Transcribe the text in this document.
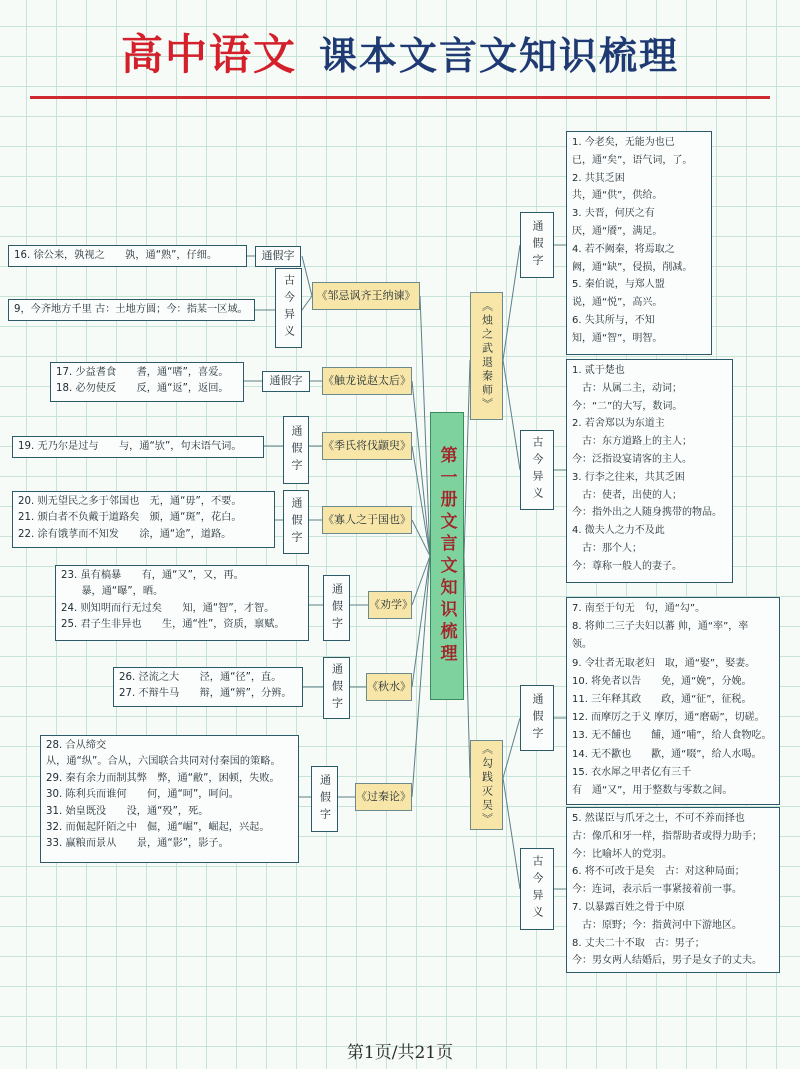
高中语文 课本文言文知识梳理
第一册文言文知识梳理
《邹忌讽齐王纳谏》
通假字
古今异义
16. 徐公来，孰视之　　孰，通“熟”，仔细。
9，今齐地方千里 古：土地方圆；今：指某一区域。
《触龙说赵太后》
通假字
17. 少益耆食　　耆，通“嗜”，喜爱。
18. 必勿使反　　反，通“返”，返回。
《季氏将伐颛臾》
通假字
19. 无乃尔是过与　　与，通“欤”，句末语气词。
《寡人之于国也》
通假字
20. 则无望民之多于邻国也　无，通“毋”，不要。
21. 颁白者不负戴于道路矣　颁，通“斑”，花白。
22. 涂有饿莩而不知发　　涂，通“途”，道路。
《劝学》
通假字
23. 虽有槁暴　　有，通“又”，又，再。
　　暴，通“曝”，晒。
24. 则知明而行无过矣　　知，通“智”，才智。
25. 君子生非异也　　生，通“性”，资质，禀赋。
《秋水》
通假字
26. 泾流之大　　泾，通“径”，直。
27. 不辩牛马　　辩，通“辨”，分辨。
《过秦论》
通假字
28. 合从缔交
从，通“纵”。合从，六国联合共同对付秦国的策略。
29. 秦有余力而制其弊　弊，通“敝”，困顿，失败。
30. 陈利兵而谁何　　何，通“呵”，呵问。
31. 始皇既没　　没，通“殁”，死。
32. 而倔起阡陌之中　倔，通“崛”，崛起，兴起。
33. 赢粮而景从　　景，通“影”，影子。
《烛之武退秦师》
通假字
古今异义
1. 今老矣，无能为也已
已，通“矣”，语气词，了。
2. 共其乏困
共，通“供”，供给。
3. 夫晋，何厌之有
厌，通“餍”，满足。
4. 若不阙秦，将焉取之
阙，通“缺”，侵损，削减。
5. 秦伯说，与郑人盟
说，通“悦”，高兴。
6. 失其所与，不知
知，通“智”，明智。
1. 贰于楚也
　古：从属二主，动词；
今：“二”的大写，数词。
2. 若舍郑以为东道主
　古：东方道路上的主人；
今：泛指设宴请客的主人。
3. 行李之往来，共其乏困
　古：使者，出使的人；
今：指外出之人随身携带的物品。
4. 微夫人之力不及此
　古：那个人；
今：尊称一般人的妻子。
《勾践灭吴》
通假字
古今异义
7. 南至于句无　句，通“勾”。
8. 将帅二三子夫妇以蕃 帅，通“率”，率
领。
9. 令壮者无取老妇　取，通“娶”，娶妻。
10. 将免者以告　　免，通“娩”，分娩。
11. 三年释其政　　政，通“征”，征税。
12. 而摩厉之于义 摩厉，通“磨砺”，切磋。
13. 无不餔也　　餔，通“哺”，给人食物吃。
14. 无不歠也　　歠，通“啜”，给人水喝。
15. 衣水犀之甲者亿有三千
有　通“又”，用于整数与零数之间。
5. 然谋臣与爪牙之士，不可不养而择也
古：像爪和牙一样，指帮助者或得力助手；
今：比喻坏人的党羽。
6. 将不可改于是矣　古：对这种局面；
今：连词，表示后一事紧接着前一事。
7. 以暴露百姓之骨于中原
　古：原野；今：指黄河中下游地区。
8. 丈夫二十不取　古：男子；
今：男女两人结婚后，男子是女子的丈夫。
第1页/共21页
